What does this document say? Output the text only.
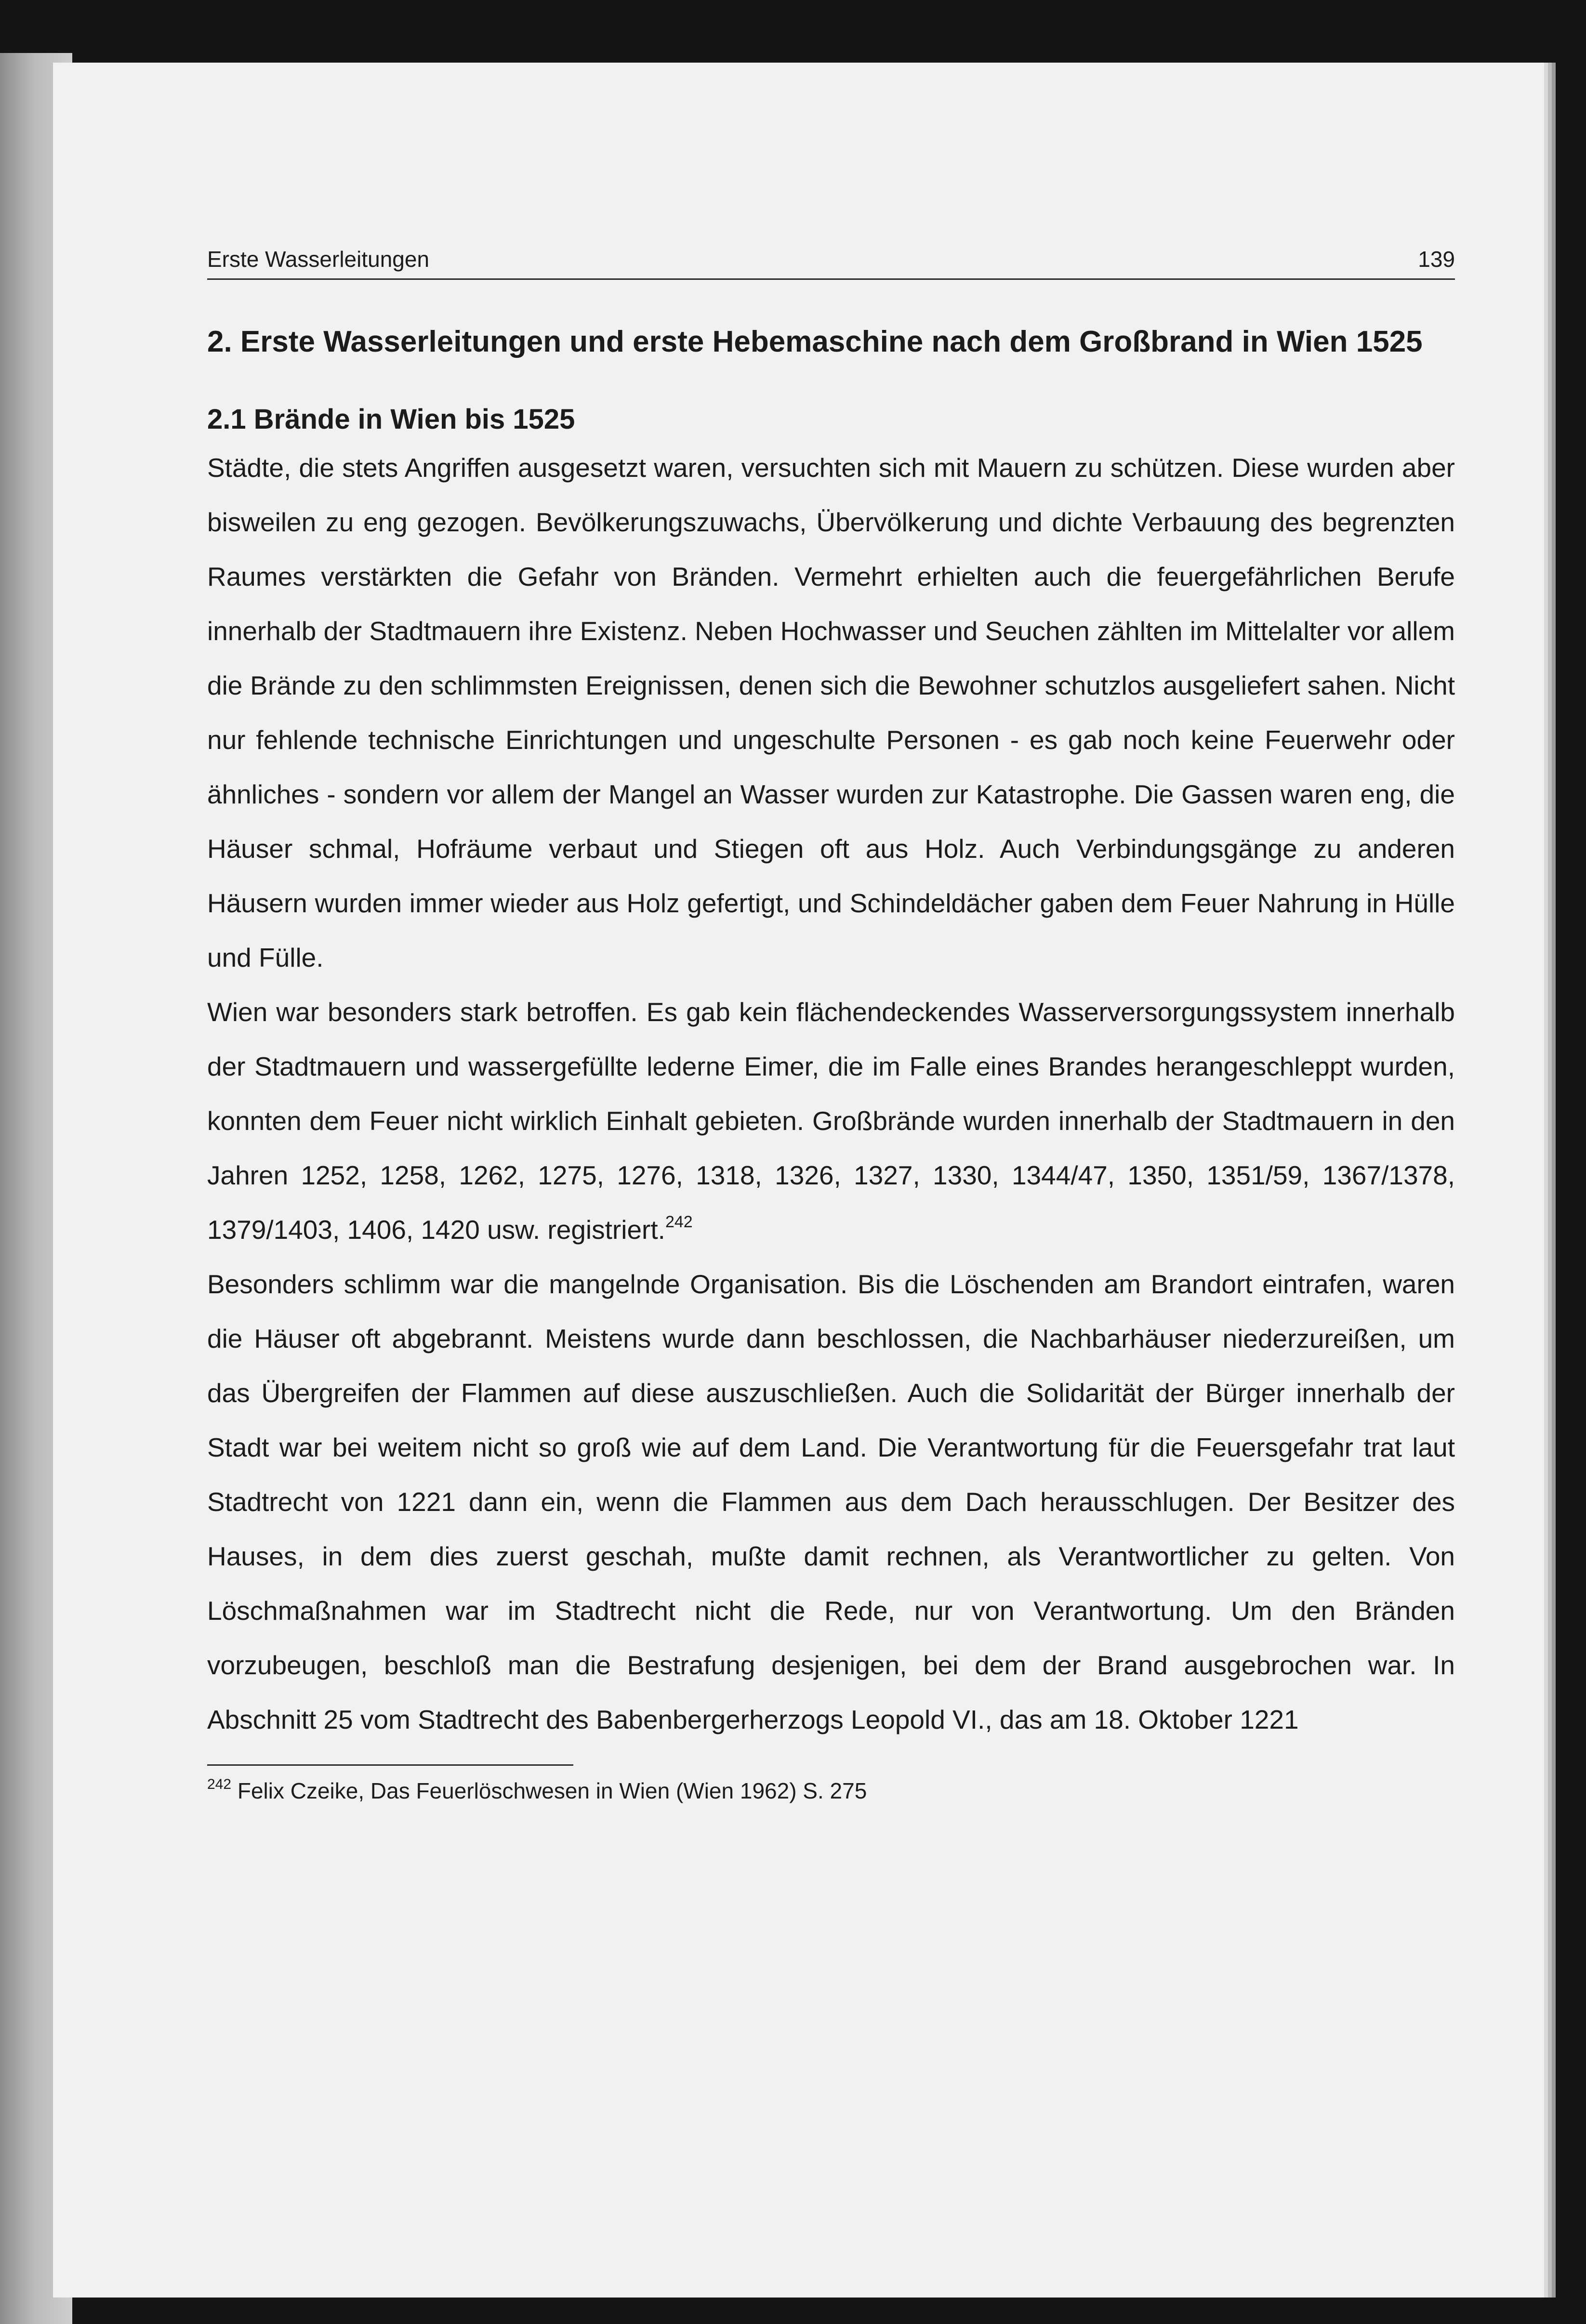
Erste Wasserleitungen	139
2. Erste Wasserleitungen und erste Hebemaschine nach dem Großbrand in Wien 1525
2.1 Brände in Wien bis 1525

Städte, die stets Angriffen ausgesetzt waren, versuchten sich mit Mauern zu schützen. Diese wurden aber bisweilen zu eng gezogen. Bevölkerungszuwachs, Übervölkerung und dichte Verbauung des begrenzten Raumes verstärkten die Gefahr von Bränden. Vermehrt erhielten auch die feuergefährlichen Berufe innerhalb der Stadtmauern ihre Existenz. Neben Hochwasser und Seuchen zählten im Mittelalter vor allem die Brände zu den schlimmsten Ereignissen, denen sich die Bewohner schutzlos ausgeliefert sahen. Nicht nur fehlende technische Einrichtungen und ungeschulte Personen - es gab noch keine Feuerwehr oder ähnliches - sondern vor allem der Mangel an Wasser wurden zur Katastrophe. Die Gassen waren eng, die Häuser schmal, Hofräume verbaut und Stiegen oft aus Holz. Auch Verbindungsgänge zu anderen Häusern wurden immer wieder aus Holz gefertigt, und Schindeldächer gaben dem Feuer Nahrung in Hülle und Fülle.

Wien war besonders stark betroffen. Es gab kein flächendeckendes Wasserversorgungssystem innerhalb der Stadtmauern und wassergefüllte lederne Eimer, die im Falle eines Brandes herangeschleppt wurden, konnten dem Feuer nicht wirklich Einhalt gebieten. Großbrände wurden innerhalb der Stadtmauern in den Jahren 1252, 1258, 1262, 1275, 1276, 1318, 1326, 1327, 1330, 1344/47, 1350, 1351/59, 1367/1378, 1379/1403, 1406, 1420 usw. registriert.$^{242}$

Besonders schlimm war die mangelnde Organisation. Bis die Löschenden am Brandort eintrafen, waren die Häuser oft abgebrannt. Meistens wurde dann beschlossen, die Nachbarhäuser niederzureißen, um das Übergreifen der Flammen auf diese auszuschließen. Auch die Solidarität der Bürger innerhalb der Stadt war bei weitem nicht so groß wie auf dem Land. Die Verantwortung für die Feuersgefahr trat laut Stadtrecht von 1221 dann ein, wenn die Flammen aus dem Dach herausschlugen. Der Besitzer des Hauses, in dem dies zuerst geschah, mußte damit rechnen, als Verantwortlicher zu gelten. Von Löschmaßnahmen war im Stadtrecht nicht die Rede, nur von Verantwortung. Um den Bränden vorzubeugen, beschloß man die Bestrafung desjenigen, bei dem der Brand ausgebrochen war. In Abschnitt 25 vom Stadtrecht des Babenbergerherzogs Leopold VI., das am 18. Oktober 1221

$^{242}$ Felix Czeike, Das Feuerlöschwesen in Wien (Wien 1962) S. 275
